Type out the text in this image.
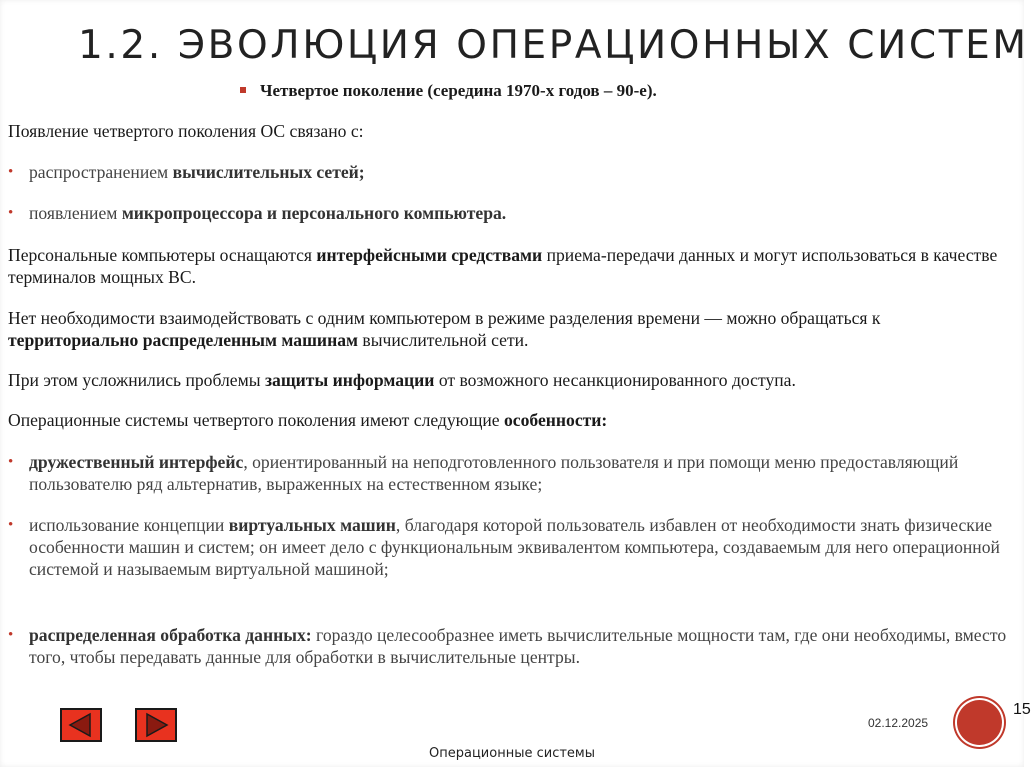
1.2. ЭВОЛЮЦИЯ ОПЕРАЦИОННЫХ СИСТЕМ
Четвертое поколение (середина 1970-х годов – 90-е).
Появление четвертого поколения ОС связано с:
• распространением вычислительных сетей;
• появлением микропроцессора и персонального компьютера.
Персональные компьютеры оснащаются интерфейсными средствами приема-передачи данных и могут использоваться в качестве терминалов мощных ВС.
Нет необходимости взаимодействовать с одним компьютером в режиме разделения времени — можно обращаться к территориально распределенным машинам вычислительной сети.
При этом усложнились проблемы защиты информации от возможного несанкционированного доступа.
Операционные системы четвертого поколения имеют следующие особенности:
• дружественный интерфейс, ориентированный на неподготовленного пользователя и при помощи меню предоставляющий пользователю ряд альтернатив, выраженных на естественном языке;
• использование концепции виртуальных машин, благодаря которой пользователь избавлен от необходимости знать физические особенности машин и систем; он имеет дело с функциональным эквивалентом компьютера, создаваемым для него операционной системой и называемым виртуальной машиной;
• распределенная обработка данных: гораздо целесообразнее иметь вычислительные мощности там, где они необходимы, вместо того, чтобы передавать данные для обработки в вычислительные центры.
02.12.2025
15
Операционные системы
